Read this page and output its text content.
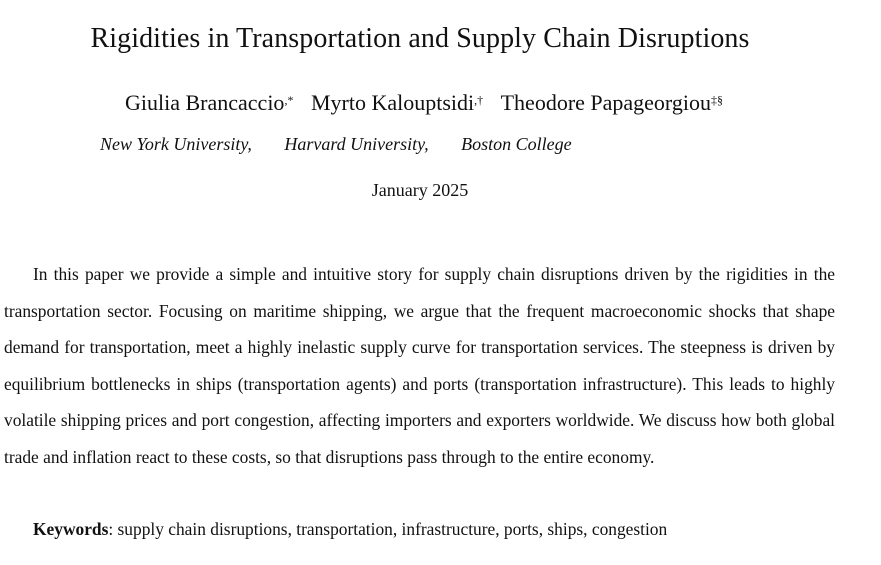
Rigidities in Transportation and Supply Chain Disruptions
Giulia Brancaccio,* Myrto Kalouptsidi,† Theodore Papageorgiou‡§
New York University, Harvard University, Boston College
January 2025

In this paper we provide a simple and intuitive story for supply chain disruptions driven by the rigidities in the transportation sector. Focusing on maritime shipping, we argue that the frequent macroeconomic shocks that shape demand for transportation, meet a highly inelastic supply curve for transportation services. The steepness is driven by equilibrium bottlenecks in ships (transportation agents) and ports (transportation infrastructure). This leads to highly volatile shipping prices and port congestion, affecting importers and exporters worldwide. We discuss how both global trade and inflation react to these costs, so that disruptions pass through to the entire economy.

Keywords: supply chain disruptions, transportation, infrastructure, ports, ships, congestion
